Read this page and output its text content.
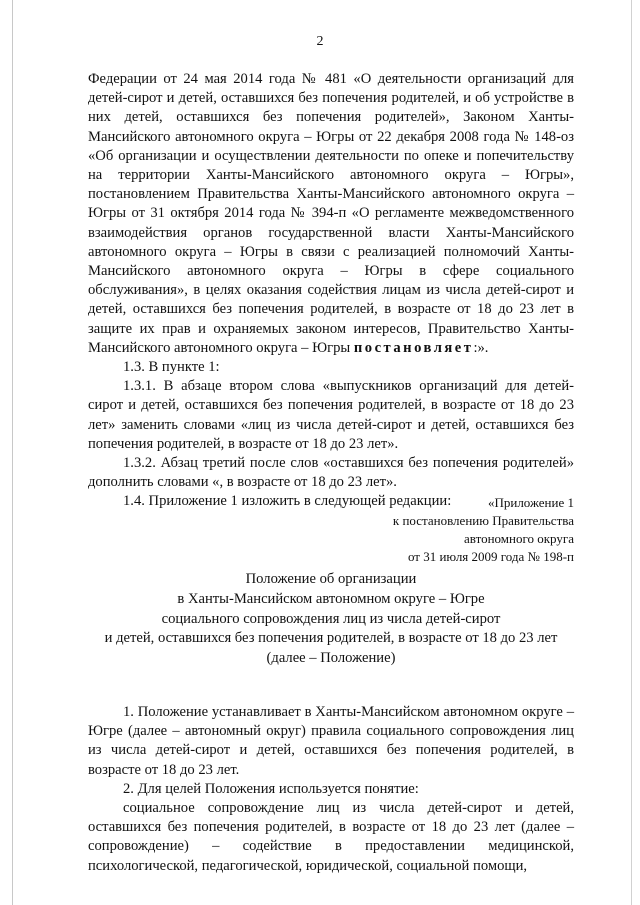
2

Федерации от 24 мая 2014 года № 481 «О деятельности организаций для детей-сирот и детей, оставшихся без попечения родителей, и об устройстве в них детей, оставшихся без попечения родителей», Законом Ханты-Мансийского автономного округа – Югры от 22 декабря 2008 года № 148-оз «Об организации и осуществлении деятельности по опеке и попечительству на территории Ханты-Мансийского автономного округа – Югры», постановлением Правительства Ханты-Мансийского автономного округа – Югры от 31 октября 2014 года № 394-п «О регламенте межведомственного взаимодействия органов государственной власти Ханты-Мансийского автономного округа – Югры в связи с реализацией полномочий Ханты-Мансийского автономного округа – Югры в сфере социального обслуживания», в целях оказания содействия лицам из числа детей-сирот и детей, оставшихся без попечения родителей, в возрасте от 18 до 23 лет в защите их прав и охраняемых законом интересов, Правительство Ханты-Мансийского автономного округа – Югры постановляет:».

1.3. В пункте 1:

1.3.1. В абзаце втором слова «выпускников организаций для детей-сирот и детей, оставшихся без попечения родителей, в возрасте от 18 до 23 лет» заменить словами «лиц из числа детей-сирот и детей, оставшихся без попечения родителей, в возрасте от 18 до 23 лет».

1.3.2. Абзац третий после слов «оставшихся без попечения родителей» дополнить словами «, в возрасте от 18 до 23 лет».

1.4. Приложение 1 изложить в следующей редакции:	«Приложение 1
к постановлению Правительства
автономного округа
от 31 июля 2009 года № 198-п
Положение об организации
в Ханты-Мансийском автономном округе – Югре
социального сопровождения лиц из числа детей-сирот
и детей, оставшихся без попечения родителей, в возрасте от 18 до 23 лет
(далее – Положение)

1. Положение устанавливает в Ханты-Мансийском автономном округе – Югре (далее – автономный округ) правила социального сопровождения лиц из числа детей-сирот и детей, оставшихся без попечения родителей, в возрасте от 18 до 23 лет.

2. Для целей Положения используется понятие:

социальное сопровождение лиц из числа детей-сирот и детей, оставшихся без попечения родителей, в возрасте от 18 до 23 лет (далее – сопровождение) – содействие в предоставлении медицинской, психологической, педагогической, юридической, социальной помощи,
